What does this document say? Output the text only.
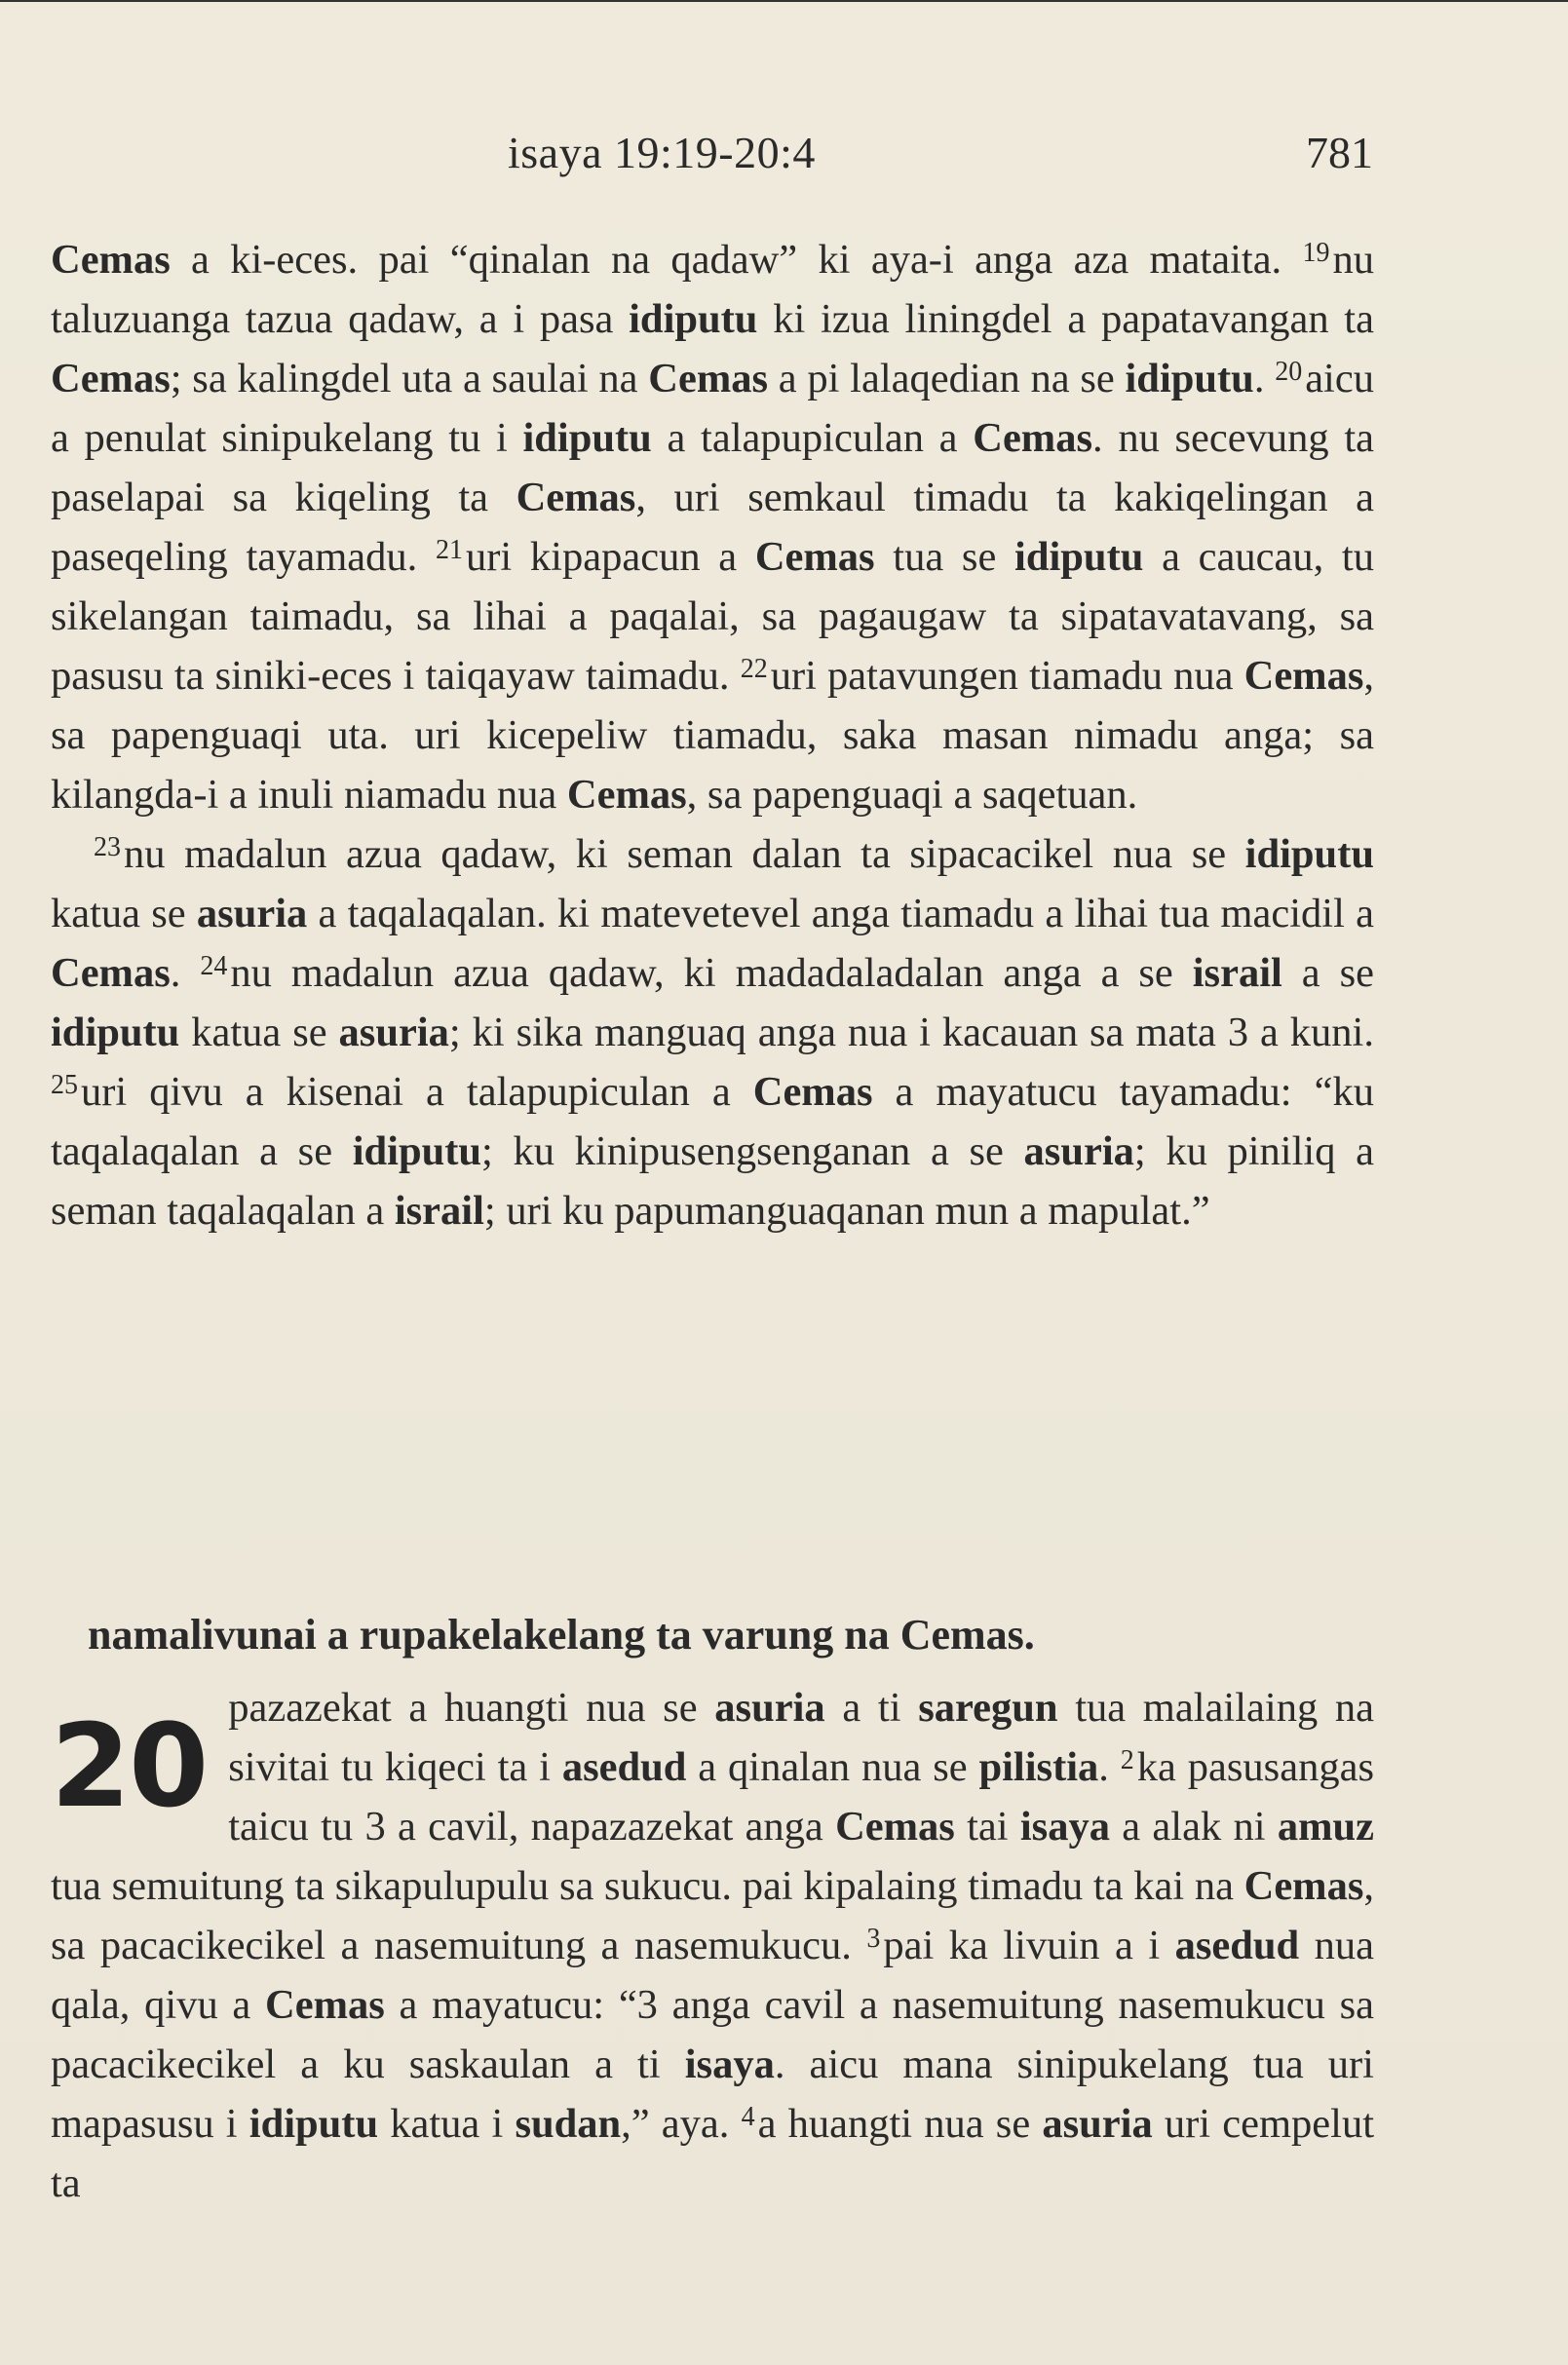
isaya 19:19-20:4	781

Cemas a ki-eces. pai “qinalan na qadaw” ki aya-i anga aza mataita. $^{19}$nu taluzuanga tazua qadaw, a i pasa idiputu ki izua liningdel a papatavangan ta Cemas; sa kalingdel uta a saulai na Cemas a pi lalaqedian na se idiputu. $^{20}$aicu a penulat sinipukelang tu i idiputu a talapupiculan a Cemas. nu secevung ta paselapai sa kiqeling ta Cemas, uri semkaul timadu ta kakiqelingan a paseqeling tayamadu. $^{21}$uri kipapacun a Cemas tua se idiputu a caucau, tu sikelangan taimadu, sa lihai a paqalai, sa pagaugaw ta sipatavatavang, sa pasusu ta siniki-eces i taiqayaw taimadu. $^{22}$uri patavungen tiamadu nua Cemas, sa papenguaqi uta. uri kicepeliw tiamadu, saka masan nimadu anga; sa kilangda-i a inuli niamadu nua Cemas, sa papenguaqi a saqetuan.

$^{23}$nu madalun azua qadaw, ki seman dalan ta sipacacikel nua se idiputu katua se asuria a taqalaqalan. ki matevetevel anga tiamadu a lihai tua macidil a Cemas. $^{24}$nu madalun azua qadaw, ki madadaladalan anga a se israil a se idiputu katua se asuria; ki sika manguaq anga nua i kacauan sa mata 3 a kuni. $^{25}$uri qivu a kisenai a talapupiculan a Cemas a mayatucu tayamadu: “ku taqalaqalan a se idiputu; ku kinipusengsenganan a se asuria; ku piniliq a seman taqalaqalan a israil; uri ku papumanguaqanan mun a mapulat.”

namalivunai a rupakelakelang ta varung na Cemas.
20 pazazekat a huangti nua se asuria a ti saregun tua malailaing na sivitai tu kiqeci ta i asedud a qinalan nua se pilistia. $^2$ka pasusangas taicu tu 3 a cavil, napazazekat anga Cemas tai isaya a alak ni amuz tua semuitung ta sikapulupulu sa sukucu. pai kipalaing timadu ta kai na Cemas, sa pacacikecikel a nasemuitung a nasemukucu. $^3$pai ka livuin a i asedud nua qala, qivu a Cemas a mayatucu: “3 anga cavil a nasemuitung nasemukucu sa pacacikecikel a ku saskaulan a ti isaya. aicu mana sinipukelang tua uri mapasusu i idiputu katua i sudan,” aya. $^4$a huangti nua se asuria uri cempelut ta
